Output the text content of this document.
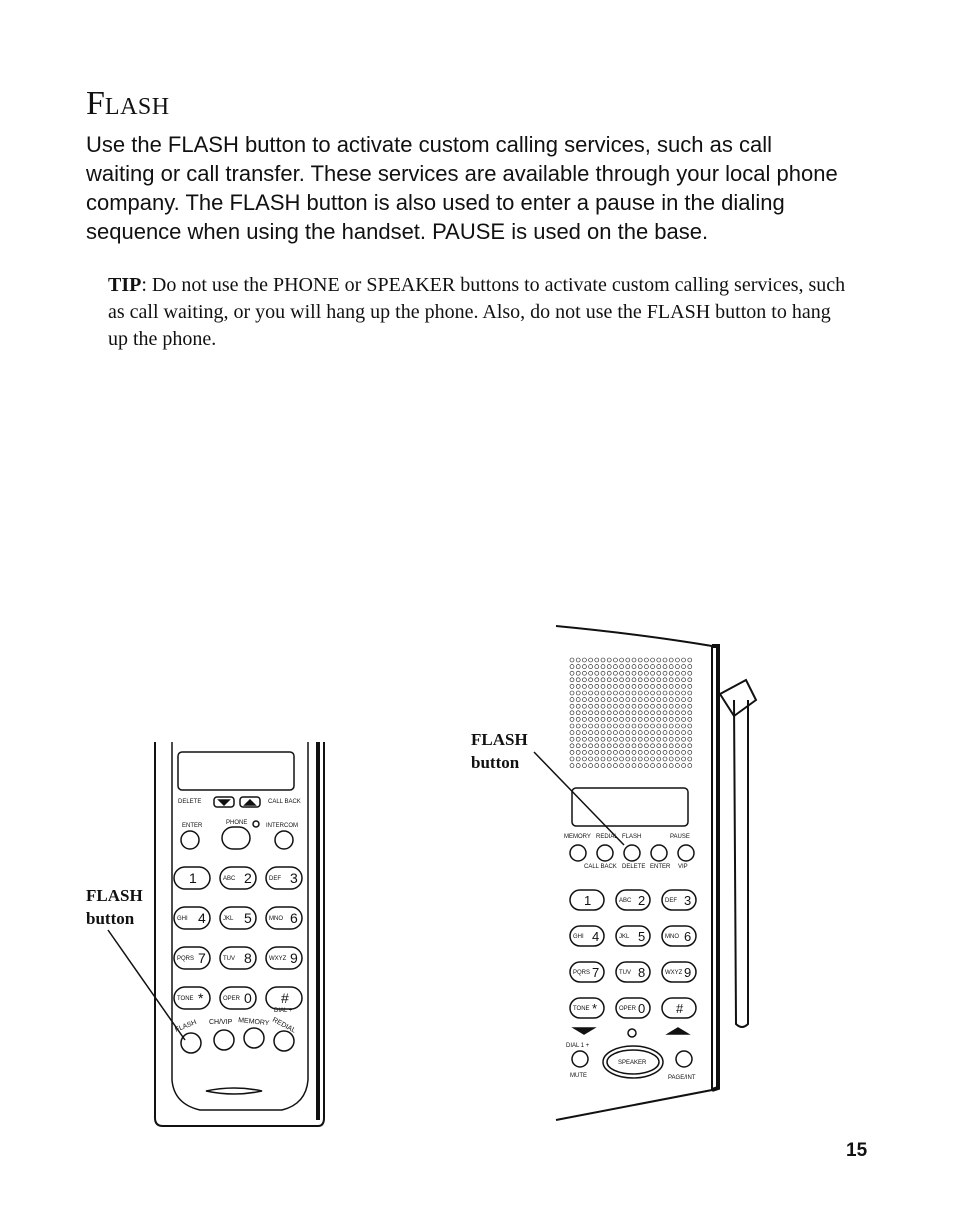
FLASH
Use the FLASH button to activate custom calling services, such as call waiting or call transfer. These services are available through your local phone company. The FLASH button is also used to enter a pause in the dialing sequence when using the handset. PAUSE is used on the base.
TIP: Do not use the PHONE or SPEAKER buttons to activate custom calling services, such as call waiting, or you will hang up the phone. Also, do not use the FLASH button to hang up the phone.
FLASH
button
FLASH
button
1	ABC 2	DEF 3
GHI 4	JKL 5	MNO 6
PQRS 7	TUV 8	WXYZ 9
TONE *	OPER 0 #
DELETE	CALL BACK
ENTER	PHONE	INTERCOM
DIAL +
FLASH CH/VIP MEMORY REDIAL
1	ABC 2	DEF 3
GHI 4	JKL 5	MNO 6
PQRS 7	TUV 8	WXYZ 9
TONE *	OPER 0 #
MEMORY REDIAL FLASH	PAUSE
CALL BACK DELETE ENTER VIP
DIAL 1 +
SPEAKER
MUTE	PAGE/INT
15
